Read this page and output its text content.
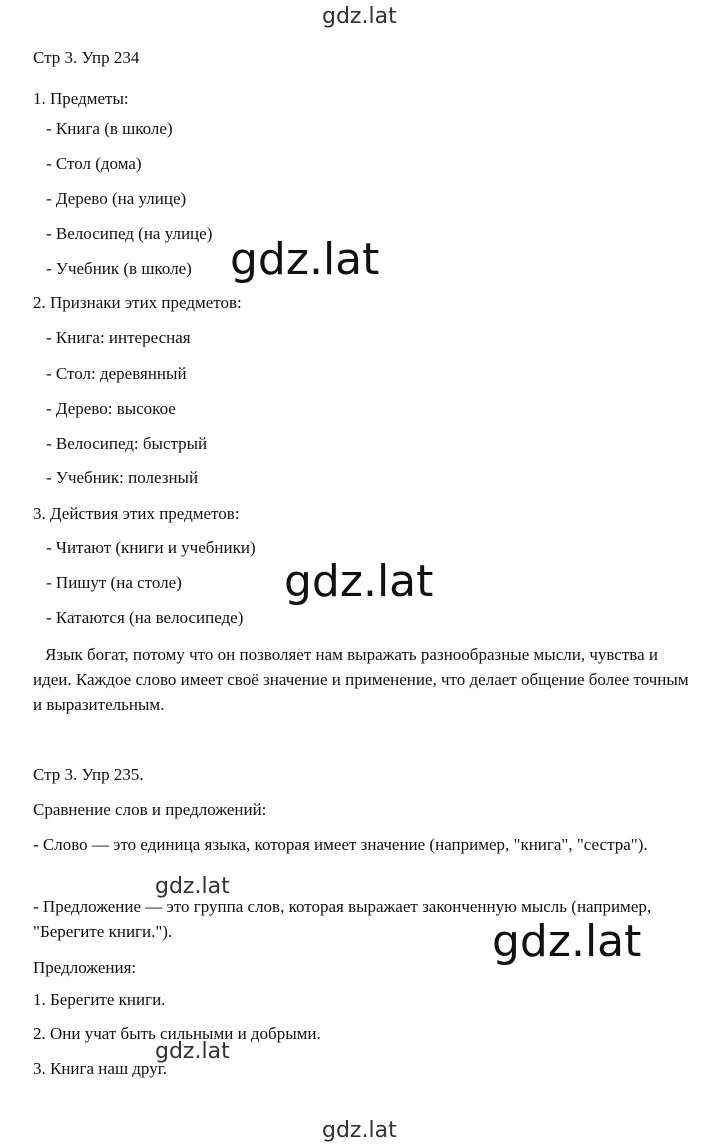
gdz.lat
Стр 3. Упр 234
1. Предметы:
- Книга (в школе)
- Стол (дома)
- Дерево (на улице)
- Велосипед (на улице)
- Учебник (в школе)
2. Признаки этих предметов:
- Книга: интересная
- Стол: деревянный
- Дерево: высокое
- Велосипед: быстрый
- Учебник: полезный
3. Действия этих предметов:
- Читают (книги и учебники)
- Пишут (на столе)
- Катаются (на велосипеде)
Язык богат, потому что он позволяет нам выражать разнообразные мысли, чувства и идеи. Каждое слово имеет своё значение и применение, что делает общение более точным и выразительным.
Стр 3. Упр 235.
Сравнение слов и предложений:
- Слово — это единица языка, которая имеет значение (например, "книга", "сестра").
- Предложение — это группа слов, которая выражает законченную мысль (например, "Берегите книги.").
Предложения:
1. Берегите книги.
2. Они учат быть сильными и добрыми.
3. Книга наш друг.
gdz.lat
gdz.lat
gdz.lat
gdz.lat
gdz.lat
gdz.lat
